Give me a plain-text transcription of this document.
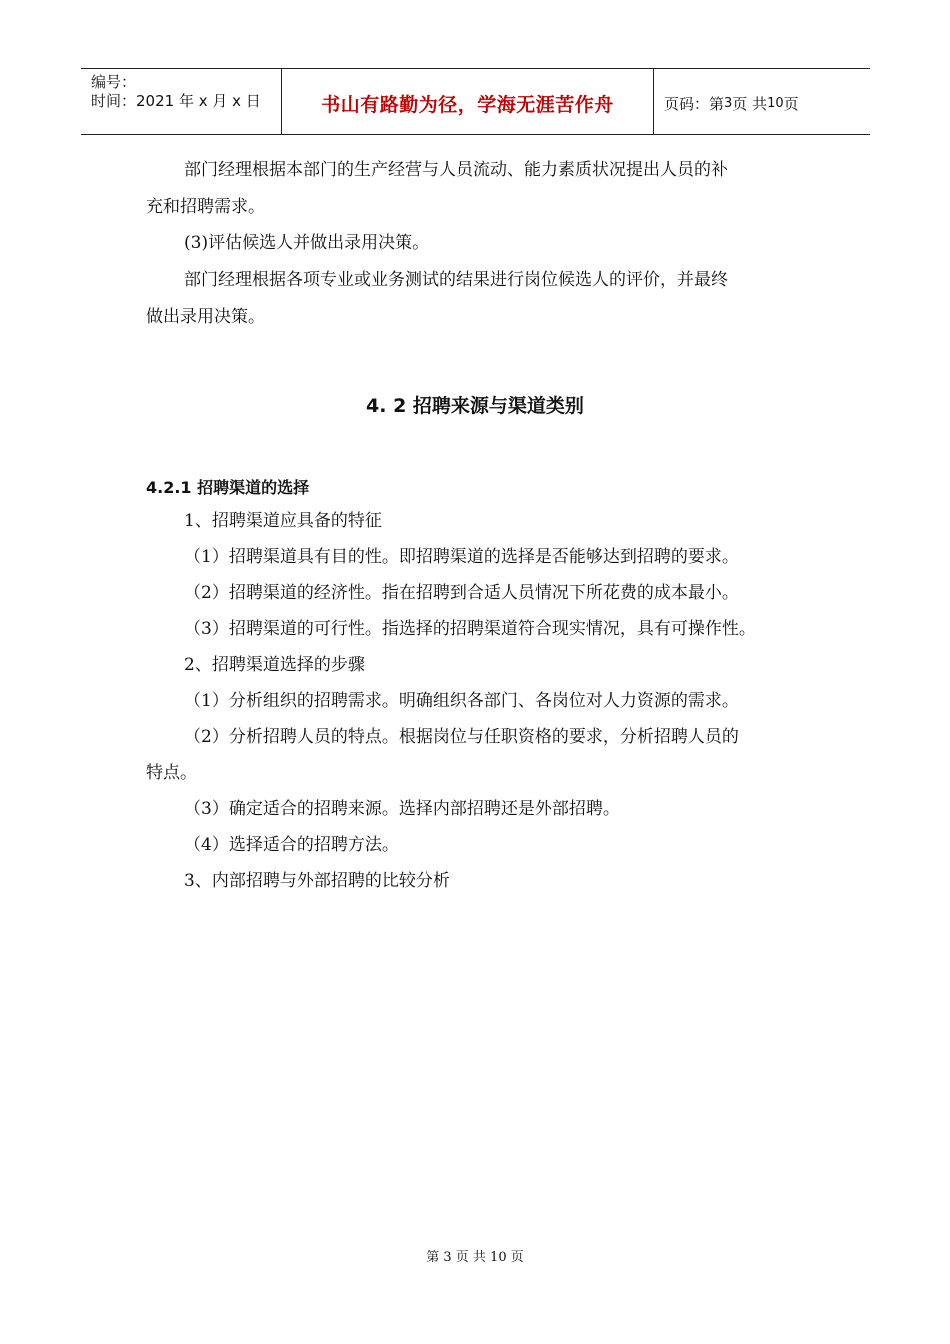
编号：
时间：2021 年 x 月 x 日	书山有路勤为径，学海无涯苦作舟	页码：第 3 页 共 10 页
部门经理根据本部门的生产经营与人员流动、能力素质状况提出人员的补
充和招聘需求。
(3)评估候选人并做出录用决策。
部门经理根据各项专业或业务测试的结果进行岗位候选人的评价，并最终
做出录用决策。
4. 2 招聘来源与渠道类别
4.2.1 招聘渠道的选择
1、招聘渠道应具备的特征
（1）招聘渠道具有目的性。即招聘渠道的选择是否能够达到招聘的要求。
（2）招聘渠道的经济性。指在招聘到合适人员情况下所花费的成本最小。
（3）招聘渠道的可行性。指选择的招聘渠道符合现实情况，具有可操作性。
2、招聘渠道选择的步骤
（1）分析组织的招聘需求。明确组织各部门、各岗位对人力资源的需求。
（2）分析招聘人员的特点。根据岗位与任职资格的要求，分析招聘人员的
特点。
（3）确定适合的招聘来源。选择内部招聘还是外部招聘。
（4）选择适合的招聘方法。
3、内部招聘与外部招聘的比较分析
第 3 页 共 10 页
